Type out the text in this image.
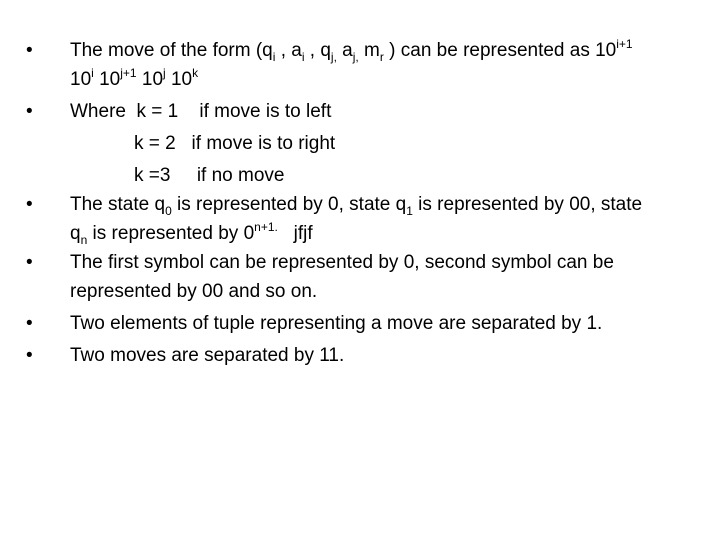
•	The move of the form ($q_i$ , $a_i$ , $q_{j,}$ $a_{j,}$ $m_r$ ) can be represented as $10^{i+1}$
10$^i$ $10^{j+1}$ 10$^j$ 10$^k$
•	Where  k = 1    if move is to left
k = 2   if move is to right
k =3     if no move
•	The state $q_0$ is represented by 0, state $q_1$ is represented by 00, state
$q_n$ is represented by $0^{n+1.}$   jfjf
•	The first symbol can be represented by 0, second symbol can be
represented by 00 and so on.
•	Two elements of tuple representing a move are separated by 1.
•	Two moves are separated by 11.
